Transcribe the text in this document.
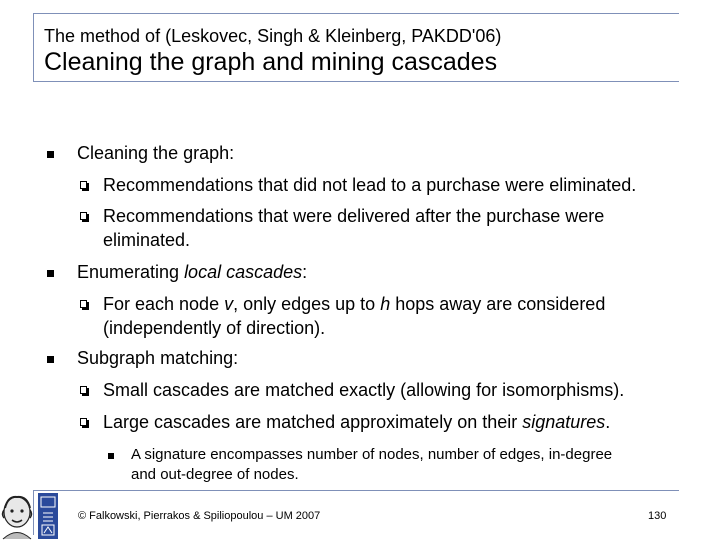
The method of (Leskovec, Singh & Kleinberg, PAKDD'06)
Cleaning the graph and mining cascades
Cleaning the graph:
Recommendations that did not lead to a purchase were eliminated.
Recommendations that were delivered after the purchase were
eliminated.
Enumerating local cascades:
For each node v, only edges up to h hops away are considered
(independently of direction).
Subgraph matching:
Small cascades are matched exactly (allowing for isomorphisms).
Large cascades are matched approximately on their signatures.
A signature encompasses number of nodes, number of edges, in-degree
and out-degree of nodes.
© Falkowski, Pierrakos & Spiliopoulou – UM 2007	130
